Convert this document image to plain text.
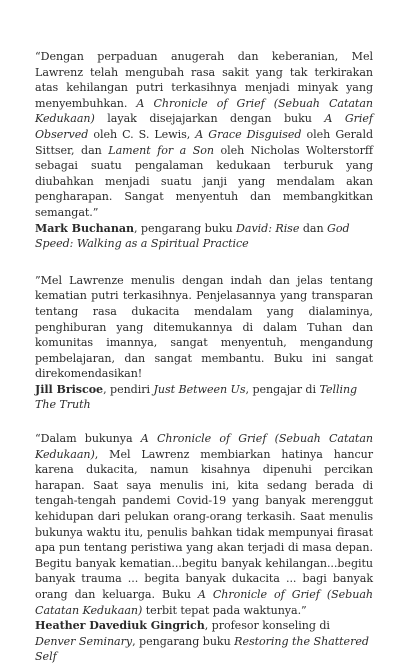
“Dengan perpaduan anugerah dan keberanian, Mel Lawrenz telah mengubah rasa sakit yang tak terkirakan atas kehilangan putri terkasihnya menjadi minyak yang menyembuhkan. A Chronicle of Grief (Sebuah Catatan Kedukaan) layak disejajarkan dengan buku A Grief Observed oleh C. S. Lewis, A Grace Disguised oleh Gerald Sittser, dan Lament for a Son oleh Nicholas Wolterstorff sebagai suatu pengalaman kedukaan terburuk yang diubahkan menjadi suatu janji yang mendalam akan pengharapan. Sangat menyentuh dan membangkitkan semangat.”

Mark Buchanan, pengarang buku David: Rise dan God Speed: Walking as a Spiritual Practice

”Mel Lawrenze menulis dengan indah dan jelas tentang kematian putri terkasihnya. Penjelasannya yang transparan tentang rasa dukacita mendalam yang dialaminya, penghiburan yang ditemukannya di dalam Tuhan dan komunitas imannya, sangat menyentuh, mengandung pembelajaran, dan sangat membantu. Buku ini sangat direkomendasikan!

Jill Briscoe, pendiri Just Between Us, pengajar di Telling The Truth

“Dalam bukunya A Chronicle of Grief (Sebuah Catatan Kedukaan), Mel Lawrenz membiarkan hatinya hancur karena dukacita, namun kisahnya dipenuhi percikan harapan. Saat saya menulis ini, kita sedang berada di tengah-tengah pandemi Covid-19 yang banyak merenggut kehidupan dari pelukan orang-orang terkasih. Saat menulis bukunya waktu itu, penulis bahkan tidak mempunyai firasat apa pun tentang peristiwa yang akan terjadi di masa depan. Begitu banyak kematian...begitu banyak kehilangan...begitu banyak trauma ... begita banyak dukacita ... bagi banyak orang dan keluarga. Buku A Chronicle of Grief (Sebuah Catatan Kedukaan) terbit tepat pada waktunya.”

Heather Davediuk Gingrich, profesor konseling di Denver Seminary, pengarang buku Restoring the Shattered Self
